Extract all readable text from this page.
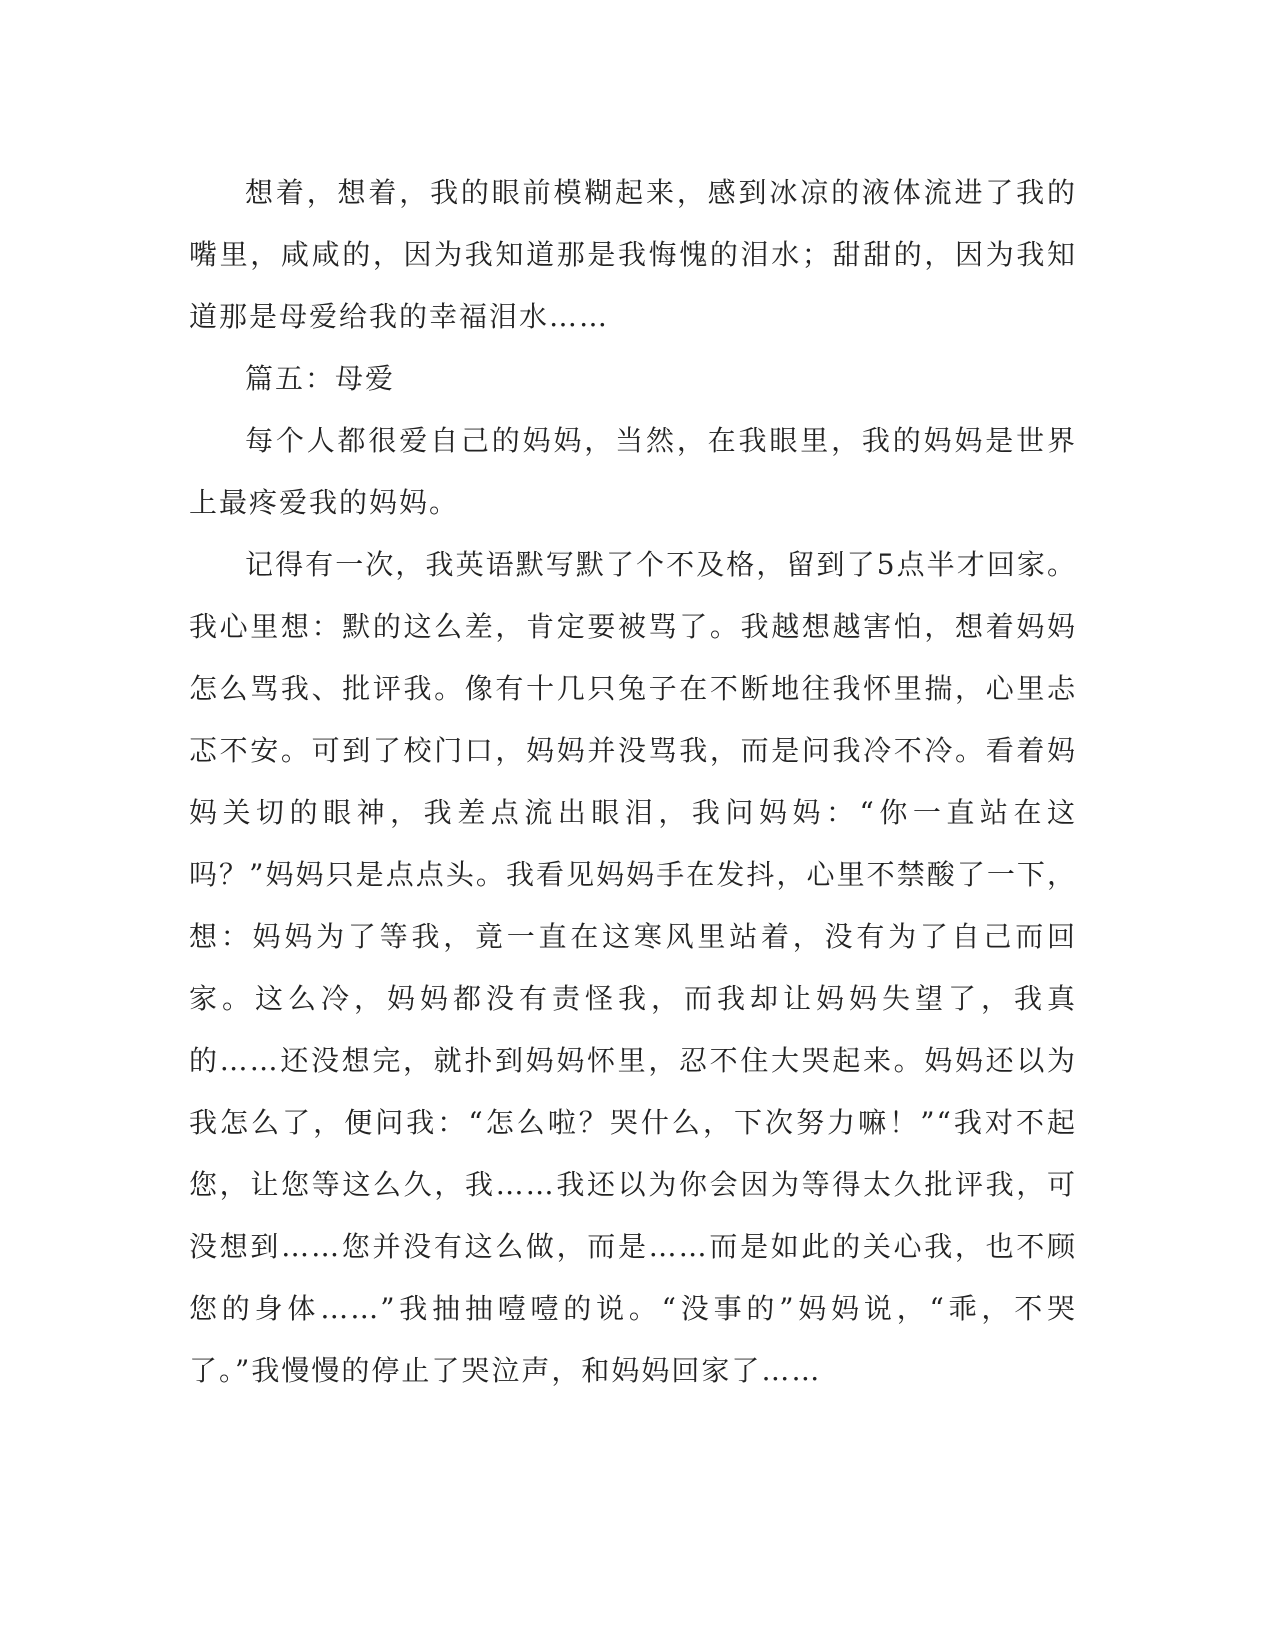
想着，想着，我的眼前模糊起来，感到冰凉的液体流进了我的嘴里，咸咸的，因为我知道那是我悔愧的泪水；甜甜的，因为我知道那是母爱给我的幸福泪水……

篇五：母爱

每个人都很爱自己的妈妈，当然，在我眼里，我的妈妈是世界上最疼爱我的妈妈。

记得有一次，我英语默写默了个不及格，留到了5点半才回家。我心里想：默的这么差，肯定要被骂了。我越想越害怕，想着妈妈怎么骂我、批评我。像有十几只兔子在不断地往我怀里揣，心里忐忑不安。可到了校门口，妈妈并没骂我，而是问我冷不冷。看着妈妈关切的眼神，我差点流出眼泪，我问妈妈：“你一直站在这吗？”妈妈只是点点头。我看见妈妈手在发抖，心里不禁酸了一下，想：妈妈为了等我，竟一直在这寒风里站着，没有为了自己而回家。这么冷，妈妈都没有责怪我，而我却让妈妈失望了，我真的……还没想完，就扑到妈妈怀里，忍不住大哭起来。妈妈还以为我怎么了，便问我：“怎么啦？哭什么，下次努力嘛！”“我对不起您，让您等这么久，我……我还以为你会因为等得太久批评我，可没想到……您并没有这么做，而是……而是如此的关心我，也不顾您的身体……”我抽抽噎噎的说。“没事的”妈妈说，“乖，不哭了。”我慢慢的停止了哭泣声，和妈妈回家了……
